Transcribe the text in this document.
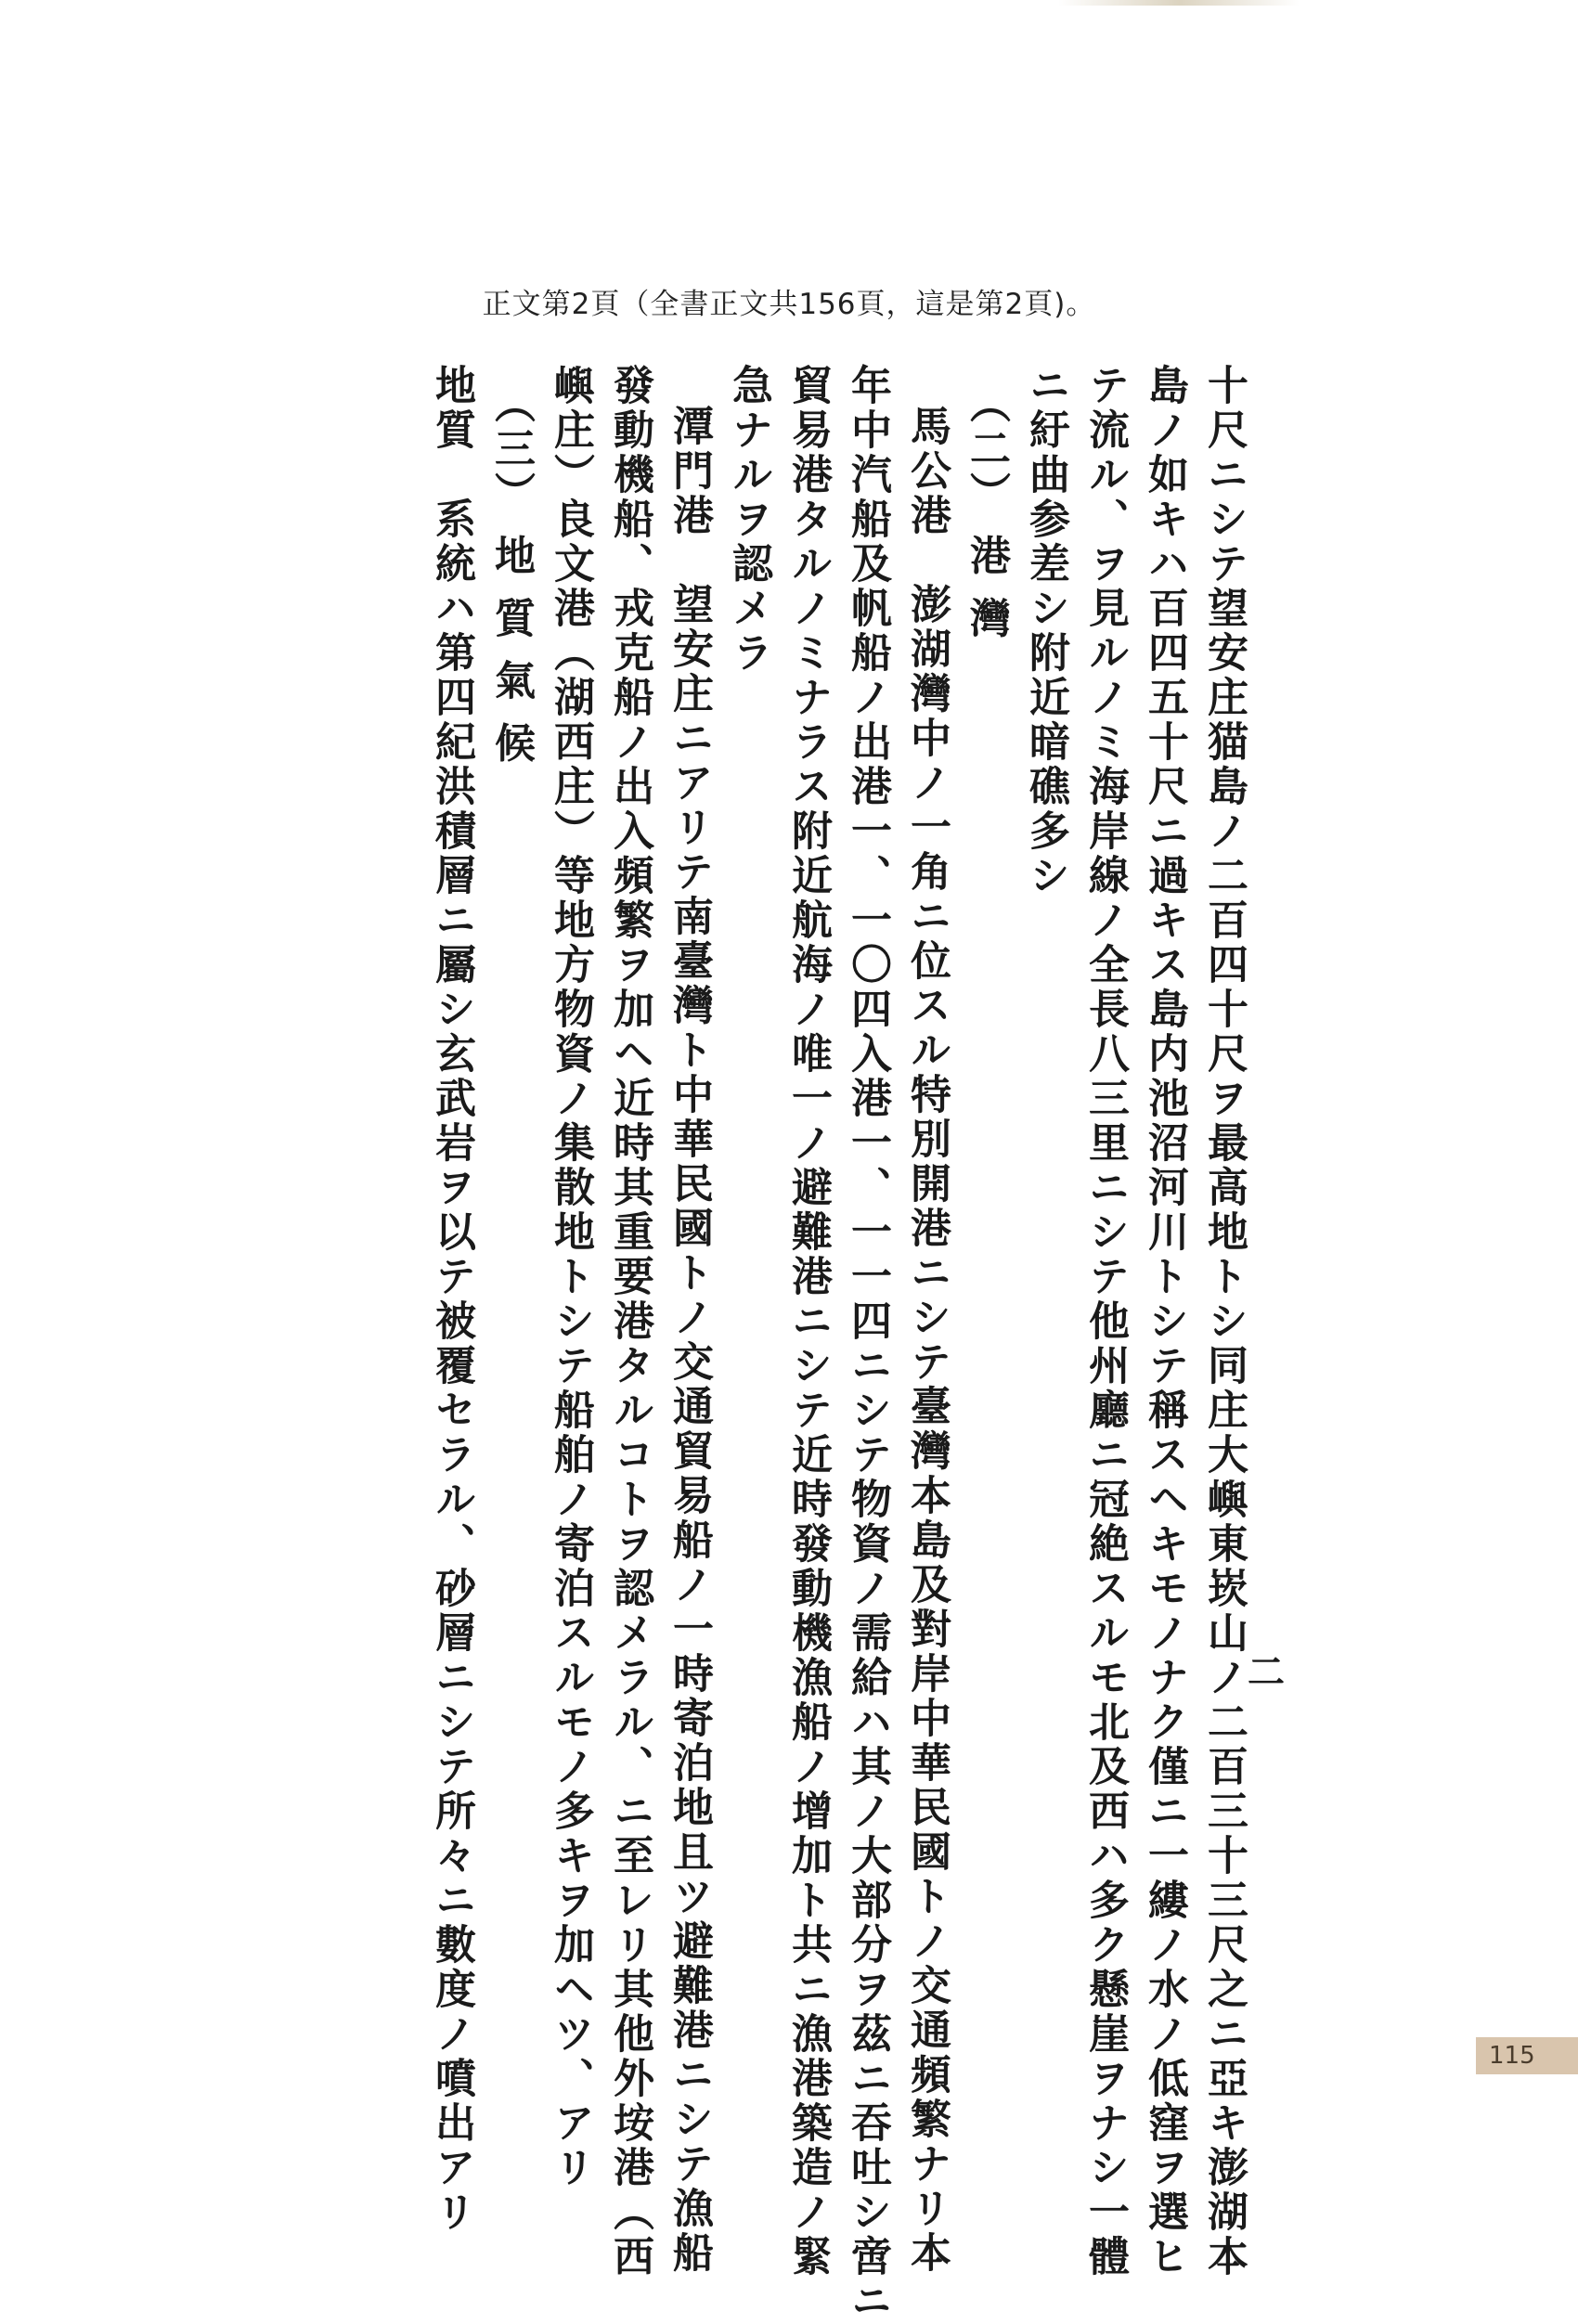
正文第2頁（全書正文共156頁，這是第2頁)。

十尺ニシテ望安庄猫島ノ二百四十尺ヲ最高地トシ同庄大嶼東崁山ノ二百三十三尺之ニ亞キ澎湖本

島ノ如キハ百四五十尺ニ過キス島内池沼河川トシテ稱スヘキモノナク僅ニ一縷ノ水ノ低窪ヲ選ヒ

テ流ル、ヲ見ルノミ海岸線ノ全長八三里ニシテ他州廳ニ冠絶スルモ北及西ハ多ク懸崖ヲナシ一體

ニ紆曲参差シ附近暗礁多シ

（二） 港 灣

馬公港　澎湖灣中ノ一角ニ位スル特別開港ニシテ臺灣本島及對岸中華民國トノ交通頻繁ナリ本

年中汽船及帆船ノ出港一、一〇四入港一、一一四ニシテ物資ノ需給ハ其ノ大部分ヲ茲ニ吞吐シ啻ニ

貿易港タルノミナラス附近航海ノ唯一ノ避難港ニシテ近時發動機漁船ノ增加ト共ニ漁港築造ノ緊

急ナルヲ認メラ

潭門港　望安庄ニアリテ南臺灣ト中華民國トノ交通貿易船ノ一時寄泊地且ツ避難港ニシテ漁船

發動機船、戎克船ノ出入頻繁ヲ加ヘ近時其重要港タルコトヲ認メラル、ニ至レリ其他外垵港（西

嶼庄）良文港（湖西庄）等地方物資ノ集散地トシテ船舶ノ寄泊スルモノ多キヲ加ヘツ、アリ

（三） 地 質 氣 候

地質　系統ハ第四紀洪積層ニ屬シ玄武岩ヲ以テ被覆セラル、砂層ニシテ所々ニ數度ノ噴出アリ	二
115
